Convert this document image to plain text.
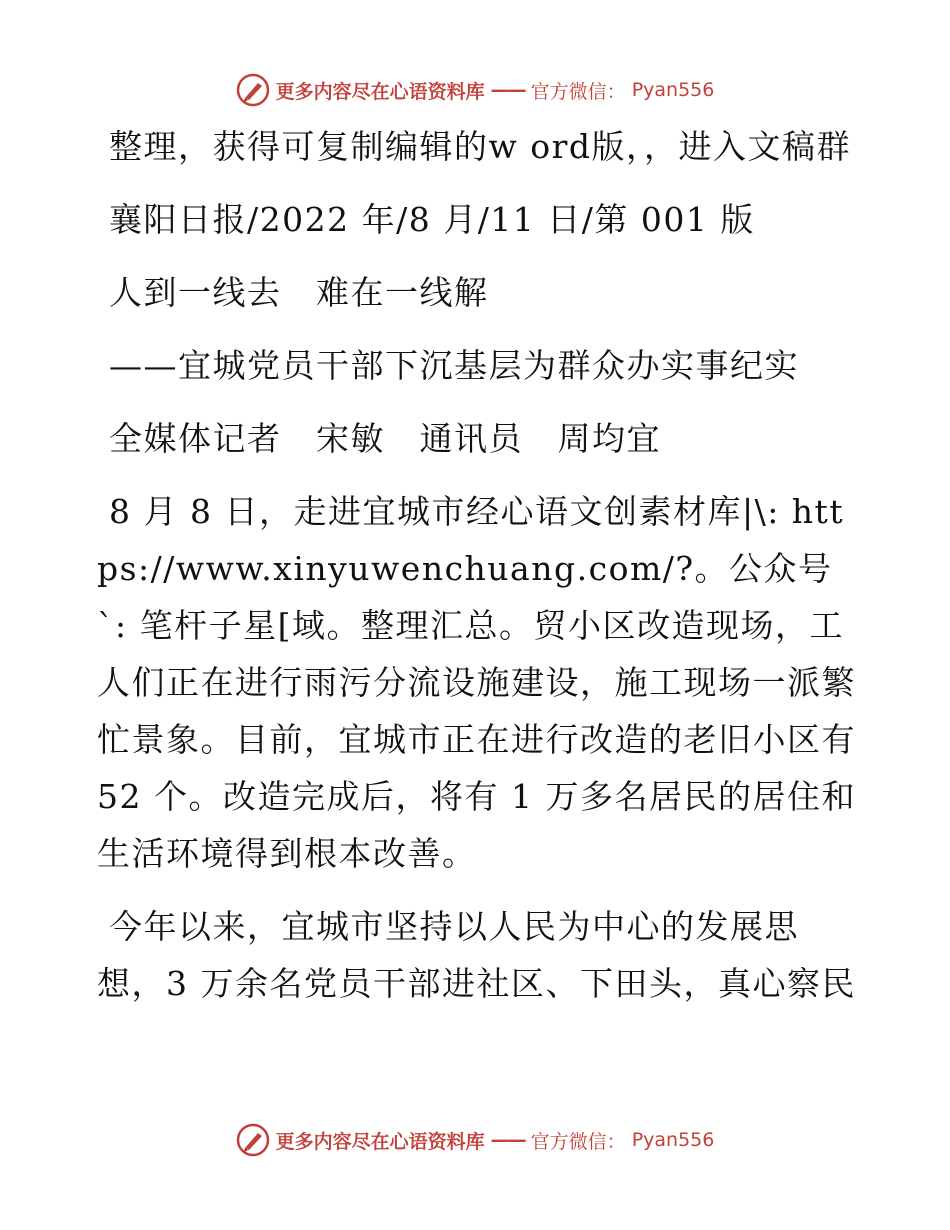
更多内容尽在心语资料库 —— 官方微信： Pyan556

整理，获得可复制编辑的w ord版，，进入文稿群

襄阳日报/2022 年/8 月/11 日/第 001 版

人到一线去　难在一线解

——宜城党员干部下沉基层为群众办实事纪实

全媒体记者　宋敏　通讯员　周均宜

8 月 8 日，走进宜城市经心语文创素材库|\: https://www.xinyuwenchuang.com/?。公众号`: 笔杆子星[域。整理汇总。贸小区改造现场，工人们正在进行雨污分流设施建设，施工现场一派繁忙景象。目前，宜城市正在进行改造的老旧小区有 52 个。改造完成后，将有 1 万多名居民的居住和生活环境得到根本改善。

今年以来，宜城市坚持以人民为中心的发展思想，3 万余名党员干部进社区、下田头，真心察民

更多内容尽在心语资料库 —— 官方微信： Pyan556
